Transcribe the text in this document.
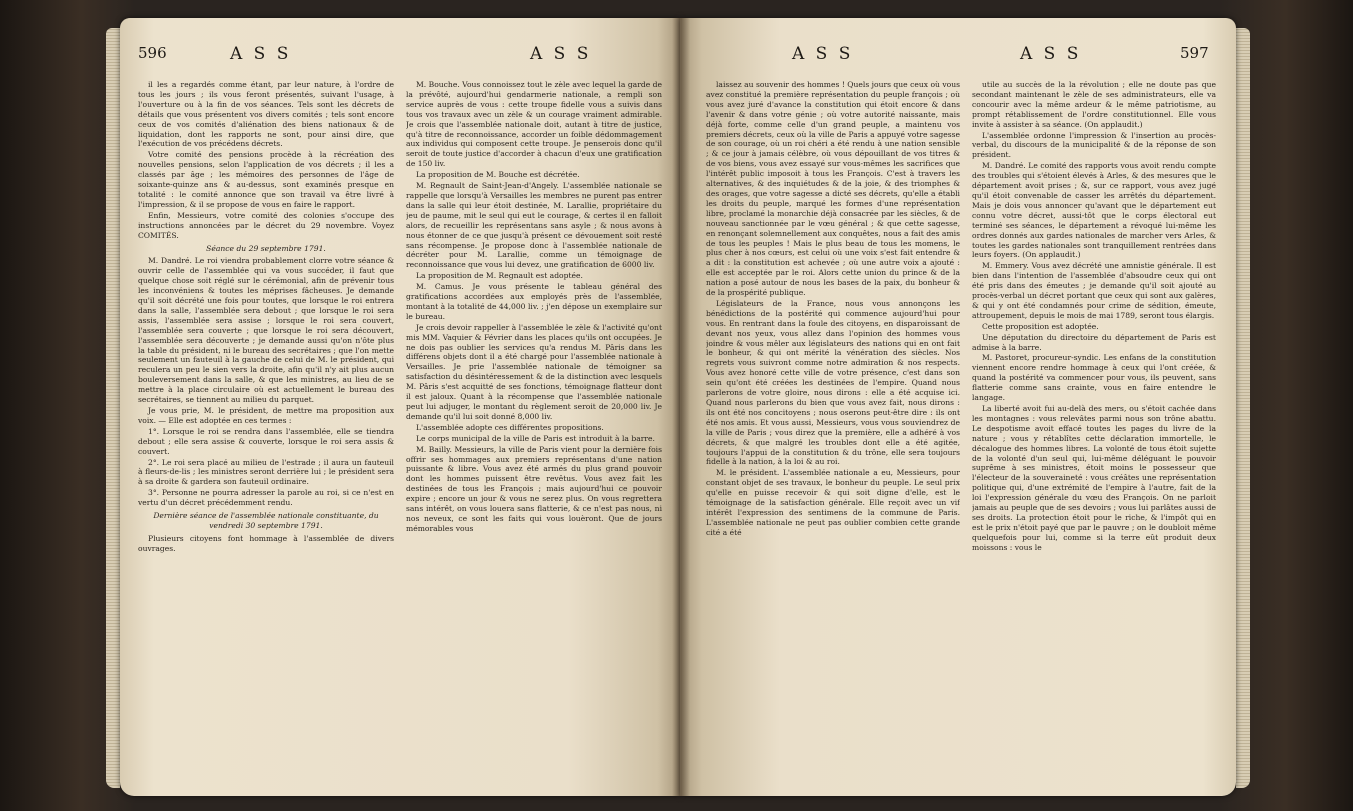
596	A S S	A S S

il les a regardés comme étant, par leur nature, à l'ordre de tous les jours ; ils vous feront présentés, suivant l'usage, à l'ouverture ou à la fin de vos séances. Tels sont les décrets de détails que vous présentent vos divers comités ; tels sont encore ceux de vos comités d'aliénation des biens nationaux & de liquidation, dont les rapports ne sont, pour ainsi dire, que l'exécution de vos précédens décrets.

Votre comité des pensions procède à la récréation des nouvelles pensions, selon l'application de vos décrets ; il les a classés par âge ; les mémoires des personnes de l'âge de soixante-quinze ans & au-dessus, sont examinés presque en totalité : le comité annonce que son travail va être livré à l'impression, & il se propose de vous en faire le rapport.

Enfin, Messieurs, votre comité des colonies s'occupe des instructions annoncées par le décret du 29 novembre. Voyez COMITÉS.

Séance du 29 septembre 1791.

M. Dandré. Le roi viendra probablement clorre votre séance & ouvrir celle de l'assemblée qui va vous succéder, il faut que quelque chose soit réglé sur le cérémonial, afin de prévenir tous les inconvéniens & toutes les méprises fâcheuses. Je demande qu'il soit décrété une fois pour toutes, que lorsque le roi entrera dans la salle, l'assemblée sera debout ; que lorsque le roi sera assis, l'assemblée sera assise ; lorsque le roi sera couvert, l'assemblée sera couverte ; que lorsque le roi sera découvert, l'assemblée sera découverte ; je demande aussi qu'on n'ôte plus la table du président, ni le bureau des secrétaires ; que l'on mette seulement un fauteuil à la gauche de celui de M. le président, qui reculera un peu le sien vers la droite, afin qu'il n'y ait plus aucun bouleversement dans la salle, & que les ministres, au lieu de se mettre à la place circulaire où est actuellement le bureau des secrétaires, se tiennent au milieu du parquet.

Je vous prie, M. le président, de mettre ma proposition aux voix. — Elle est adoptée en ces termes :

1°. Lorsque le roi se rendra dans l'assemblée, elle se tiendra debout ; elle sera assise & couverte, lorsque le roi sera assis & couvert.

2°. Le roi sera placé au milieu de l'estrade ; il aura un fauteuil à fleurs-de-lis ; les ministres seront derrière lui ; le président sera à sa droite & gardera son fauteuil ordinaire.

3°. Personne ne pourra adresser la parole au roi, si ce n'est en vertu d'un décret précédemment rendu.

Dernière séance de l'assemblée nationale constituante, du vendredi 30 septembre 1791.

Plusieurs citoyens font hommage à l'assemblée de divers ouvrages.

M. Bouche. Vous connoissez tout le zèle avec lequel la garde de la prévôté, aujourd'hui gendarmerie nationale, a rempli son service auprès de vous : cette troupe fidelle vous a suivis dans tous vos travaux avec un zèle & un courage vraiment admirable. Je crois que l'assemblée nationale doit, autant à titre de justice, qu'à titre de reconnoissance, accorder un foible dédommagement aux individus qui composent cette troupe. Je penserois donc qu'il seroit de toute justice d'accorder à chacun d'eux une gratification de 150 liv.

La proposition de M. Bouche est décrétée.

M. Regnault de Saint-Jean-d'Angely. L'assemblée nationale se rappelle que lorsqu'à Versailles les membres ne purent pas entrer dans la salle qui leur étoit destinée, M. Larallie, propriétaire du jeu de paume, mit le seul qui eut le courage, & certes il en falloit alors, de recueillir les représentans sans asyle ; & nous avons à nous étonner de ce que jusqu'à présent ce dévouement soit resté sans récompense. Je propose donc à l'assemblée nationale de décréter pour M. Larallie, comme un témoignage de reconnoissance que vous lui devez, une gratification de 6000 liv.

La proposition de M. Regnault est adoptée.

M. Camus. Je vous présente le tableau général des gratifications accordées aux employés près de l'assemblée, montant à la totalité de 44,000 liv. ; j'en dépose un exemplaire sur le bureau.

Je crois devoir rappeller à l'assemblée le zèle & l'activité qu'ont mis MM. Vaquier & Février dans les places qu'ils ont occupées. Je ne dois pas oublier les services qu'a rendus M. Pâris dans les différens objets dont il a été chargé pour l'assemblée nationale à Versailles. Je prie l'assemblée nationale de témoigner sa satisfaction du désintéressement & de la distinction avec lesquels M. Pâris s'est acquitté de ses fonctions, témoignage flatteur dont il est jaloux. Quant à la récompense que l'assemblée nationale peut lui adjuger, le montant du règlement seroit de 20,000 liv. Je demande qu'il lui soit donné 8,000 liv.

L'assemblée adopte ces différentes propositions.

Le corps municipal de la ville de Paris est introduit à la barre.

M. Bailly. Messieurs, la ville de Paris vient pour la dernière fois offrir ses hommages aux premiers représentans d'une nation puissante & libre. Vous avez été armés du plus grand pouvoir dont les hommes puissent être revêtus. Vous avez fait les destinées de tous les François ; mais aujourd'hui ce pouvoir expire ; encore un jour & vous ne serez plus. On vous regrettera sans intérêt, on vous louera sans flatterie, & ce n'est pas nous, ni nos neveux, ce sont les faits qui vous louèront. Que de jours mémorables vous

A S S	A S S	597

laissez au souvenir des hommes ! Quels jours que ceux où vous avez constitué la première représentation du peuple françois ; où vous avez juré d'avance la constitution qui étoit encore & dans l'avenir & dans votre génie ; où votre autorité naissante, mais déjà forte, comme celle d'un grand peuple, a maintenu vos premiers décrets, ceux où la ville de Paris a appuyé votre sagesse de son courage, où un roi chéri a été rendu à une nation sensible ; & ce jour à jamais célèbre, où vous dépouillant de vos titres & de vos biens, vous avez essayé sur vous-mêmes les sacrifices que l'intérêt public imposoit à tous les François. C'est à travers les alternatives, & des inquiétudes & de la joie, & des triomphes & des orages, que votre sagesse a dicté ses décrets, qu'elle a établi les droits du peuple, marqué les formes d'une représentation libre, proclamé la monarchie déjà consacrée par les siècles, & de nouveau sanctionnée par le vœu général ; & que cette sagesse, en renonçant solemnellement aux conquêtes, nous a fait des amis de tous les peuples ! Mais le plus beau de tous les momens, le plus cher à nos cœurs, est celui où une voix s'est fait entendre & a dit : la constitution est achevée ; où une autre voix a ajouté : elle est acceptée par le roi. Alors cette union du prince & de la nation a posé autour de nous les bases de la paix, du bonheur & de la prospérité publique.

Législateurs de la France, nous vous annonçons les bénédictions de la postérité qui commence aujourd'hui pour vous. En rentrant dans la foule des citoyens, en disparoissant de devant nos yeux, vous allez dans l'opinion des hommes vous joindre & vous mêler aux législateurs des nations qui en ont fait le bonheur, & qui ont mérité la vénération des siècles. Nos regrets vous suivront comme notre admiration & nos respects. Vous avez honoré cette ville de votre présence, c'est dans son sein qu'ont été créées les destinées de l'empire. Quand nous parlerons de votre gloire, nous dirons : elle a été acquise ici. Quand nous parlerons du bien que vous avez fait, nous dirons : ils ont été nos concitoyens ; nous oserons peut-être dire : ils ont été nos amis. Et vous aussi, Messieurs, vous vous souviendrez de la ville de Paris ; vous direz que la première, elle a adhéré à vos décrets, & que malgré les troubles dont elle a été agitée, toujours l'appui de la constitution & du trône, elle sera toujours fidelle à la nation, à la loi & au roi.

M. le président. L'assemblée nationale a eu, Messieurs, pour constant objet de ses travaux, le bonheur du peuple. Le seul prix qu'elle en puisse recevoir & qui soit digne d'elle, est le témoignage de la satisfaction générale. Elle reçoit avec un vif intérêt l'expression des sentimens de la commune de Paris. L'assemblée nationale ne peut pas oublier combien cette grande cité a été

utile au succès de la la révolution ; elle ne doute pas que secondant maintenant le zèle de ses administrateurs, elle va concourir avec la même ardeur & le même patriotisme, au prompt rétablissement de l'ordre constitutionnel. Elle vous invite à assister à sa séance. (On applaudit.)

L'assemblée ordonne l'impression & l'insertion au procès-verbal, du discours de la municipalité & de la réponse de son président.

M. Dandré. Le comité des rapports vous avoit rendu compte des troubles qui s'étoient élevés à Arles, & des mesures que le département avoit prises ; &, sur ce rapport, vous avez jugé qu'il étoit convenable de casser les arrêtés du département. Mais je dois vous annoncer qu'avant que le département eut connu votre décret, aussi-tôt que le corps électoral eut terminé ses séances, le département a révoqué lui-même les ordres donnés aux gardes nationales de marcher vers Arles, & toutes les gardes nationales sont tranquillement rentrées dans leurs foyers. (On applaudit.)

M. Emmery. Vous avez décrété une amnistie générale. Il est bien dans l'intention de l'assemblée d'absoudre ceux qui ont été pris dans des émeutes ; je demande qu'il soit ajouté au procès-verbal un décret portant que ceux qui sont aux galères, & qui y ont été condamnés pour crime de sédition, émeute, attroupement, depuis le mois de mai 1789, seront tous élargis.

Cette proposition est adoptée.

Une députation du directoire du département de Paris est admise à la barre.

M. Pastoret, procureur-syndic. Les enfans de la constitution viennent encore rendre hommage à ceux qui l'ont créée, & quand la postérité va commencer pour vous, ils peuvent, sans flatterie comme sans crainte, vous en faire entendre le langage.

La liberté avoit fui au-delà des mers, ou s'étoit cachée dans les montagnes : vous relevâtes parmi nous son trône abattu. Le despotisme avoit effacé toutes les pages du livre de la nature ; vous y rétablîtes cette déclaration immortelle, le décalogue des hommes libres. La volonté de tous étoit sujette de la volonté d'un seul qui, lui-même déléguant le pouvoir suprême à ses ministres, étoit moins le possesseur que l'électeur de la souveraineté : vous créâtes une représentation politique qui, d'une extrémité de l'empire à l'autre, fait de la loi l'expression générale du vœu des François. On ne parloit jamais au peuple que de ses devoirs ; vous lui parlâtes aussi de ses droits. La protection étoit pour le riche, & l'impôt qui en est le prix n'étoit payé que par le pauvre ; on le doubloit même quelquefois pour lui, comme si la terre eût produit deux moissons : vous le
